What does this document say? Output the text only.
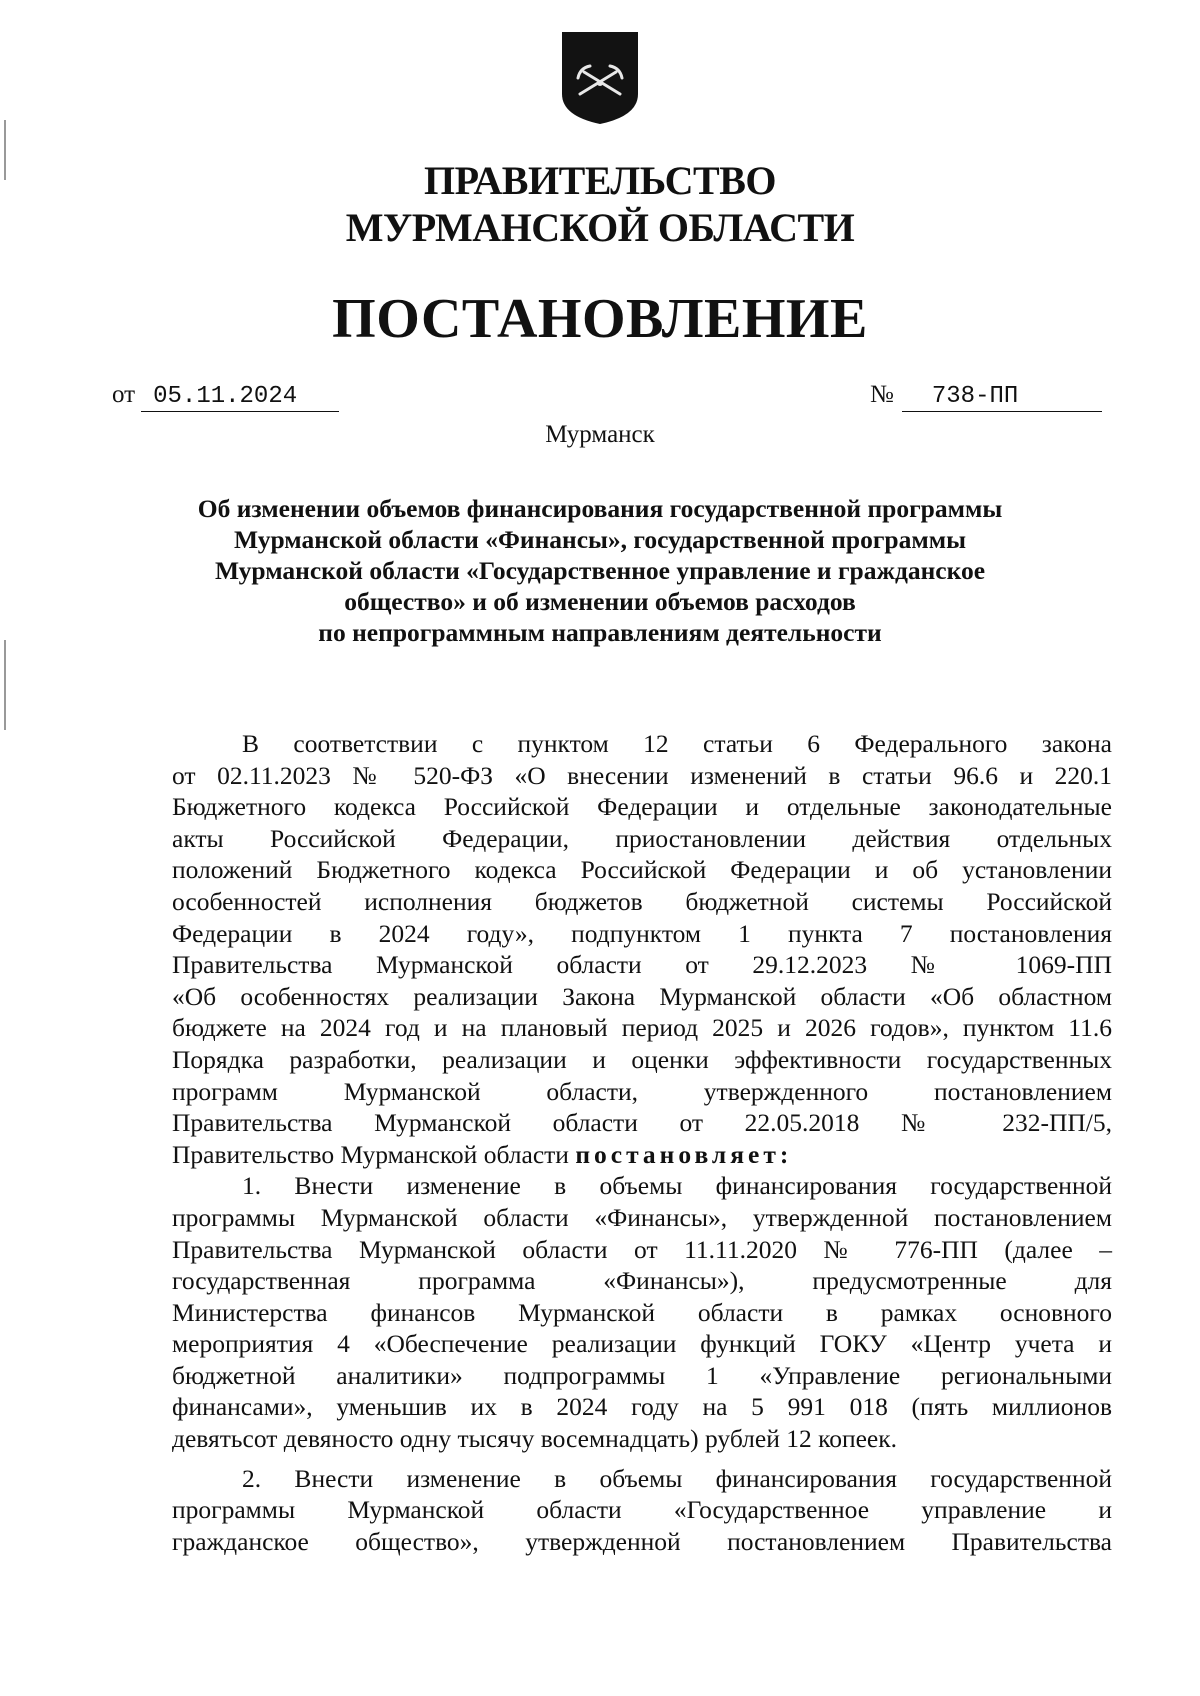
ПРАВИТЕЛЬСТВО
МУРМАНСКОЙ ОБЛАСТИ
ПОСТАНОВЛЕНИЕ
от 05.11.2024	№ 738-ПП
Мурманск
Об изменении объемов финансирования государственной программы
Мурманской области «Финансы», государственной программы
Мурманской области «Государственное управление и гражданское
общество» и об изменении объемов расходов
по непрограммным направлениям деятельности
В соответствии с пунктом 12 статьи 6 Федерального закона
от 02.11.2023 № 520-ФЗ «О внесении изменений в статьи 96.6 и 220.1
Бюджетного кодекса Российской Федерации и отдельные законодательные
акты Российской Федерации, приостановлении действия отдельных
положений Бюджетного кодекса Российской Федерации и об установлении
особенностей исполнения бюджетов бюджетной системы Российской
Федерации в 2024 году», подпунктом 1 пункта 7 постановления
Правительства Мурманской области от 29.12.2023 № 1069-ПП
«Об особенностях реализации Закона Мурманской области «Об областном
бюджете на 2024 год и на плановый период 2025 и 2026 годов», пунктом 11.6
Порядка разработки, реализации и оценки эффективности государственных
программ Мурманской области, утвержденного постановлением
Правительства Мурманской области от 22.05.2018 № 232-ПП/5,
Правительство Мурманской области постановляет:
1. Внести изменение в объемы финансирования государственной
программы Мурманской области «Финансы», утвержденной постановлением
Правительства Мурманской области от 11.11.2020 № 776-ПП (далее –
государственная программа «Финансы»), предусмотренные для
Министерства финансов Мурманской области в рамках основного
мероприятия 4 «Обеспечение реализации функций ГОКУ «Центр учета и
бюджетной аналитики» подпрограммы 1 «Управление региональными
финансами», уменьшив их в 2024 году на 5 991 018 (пять миллионов
девятьсот девяносто одну тысячу восемнадцать) рублей 12 копеек.
2. Внести изменение в объемы финансирования государственной
программы Мурманской области «Государственное управление и
гражданское общество», утвержденной постановлением Правительства
